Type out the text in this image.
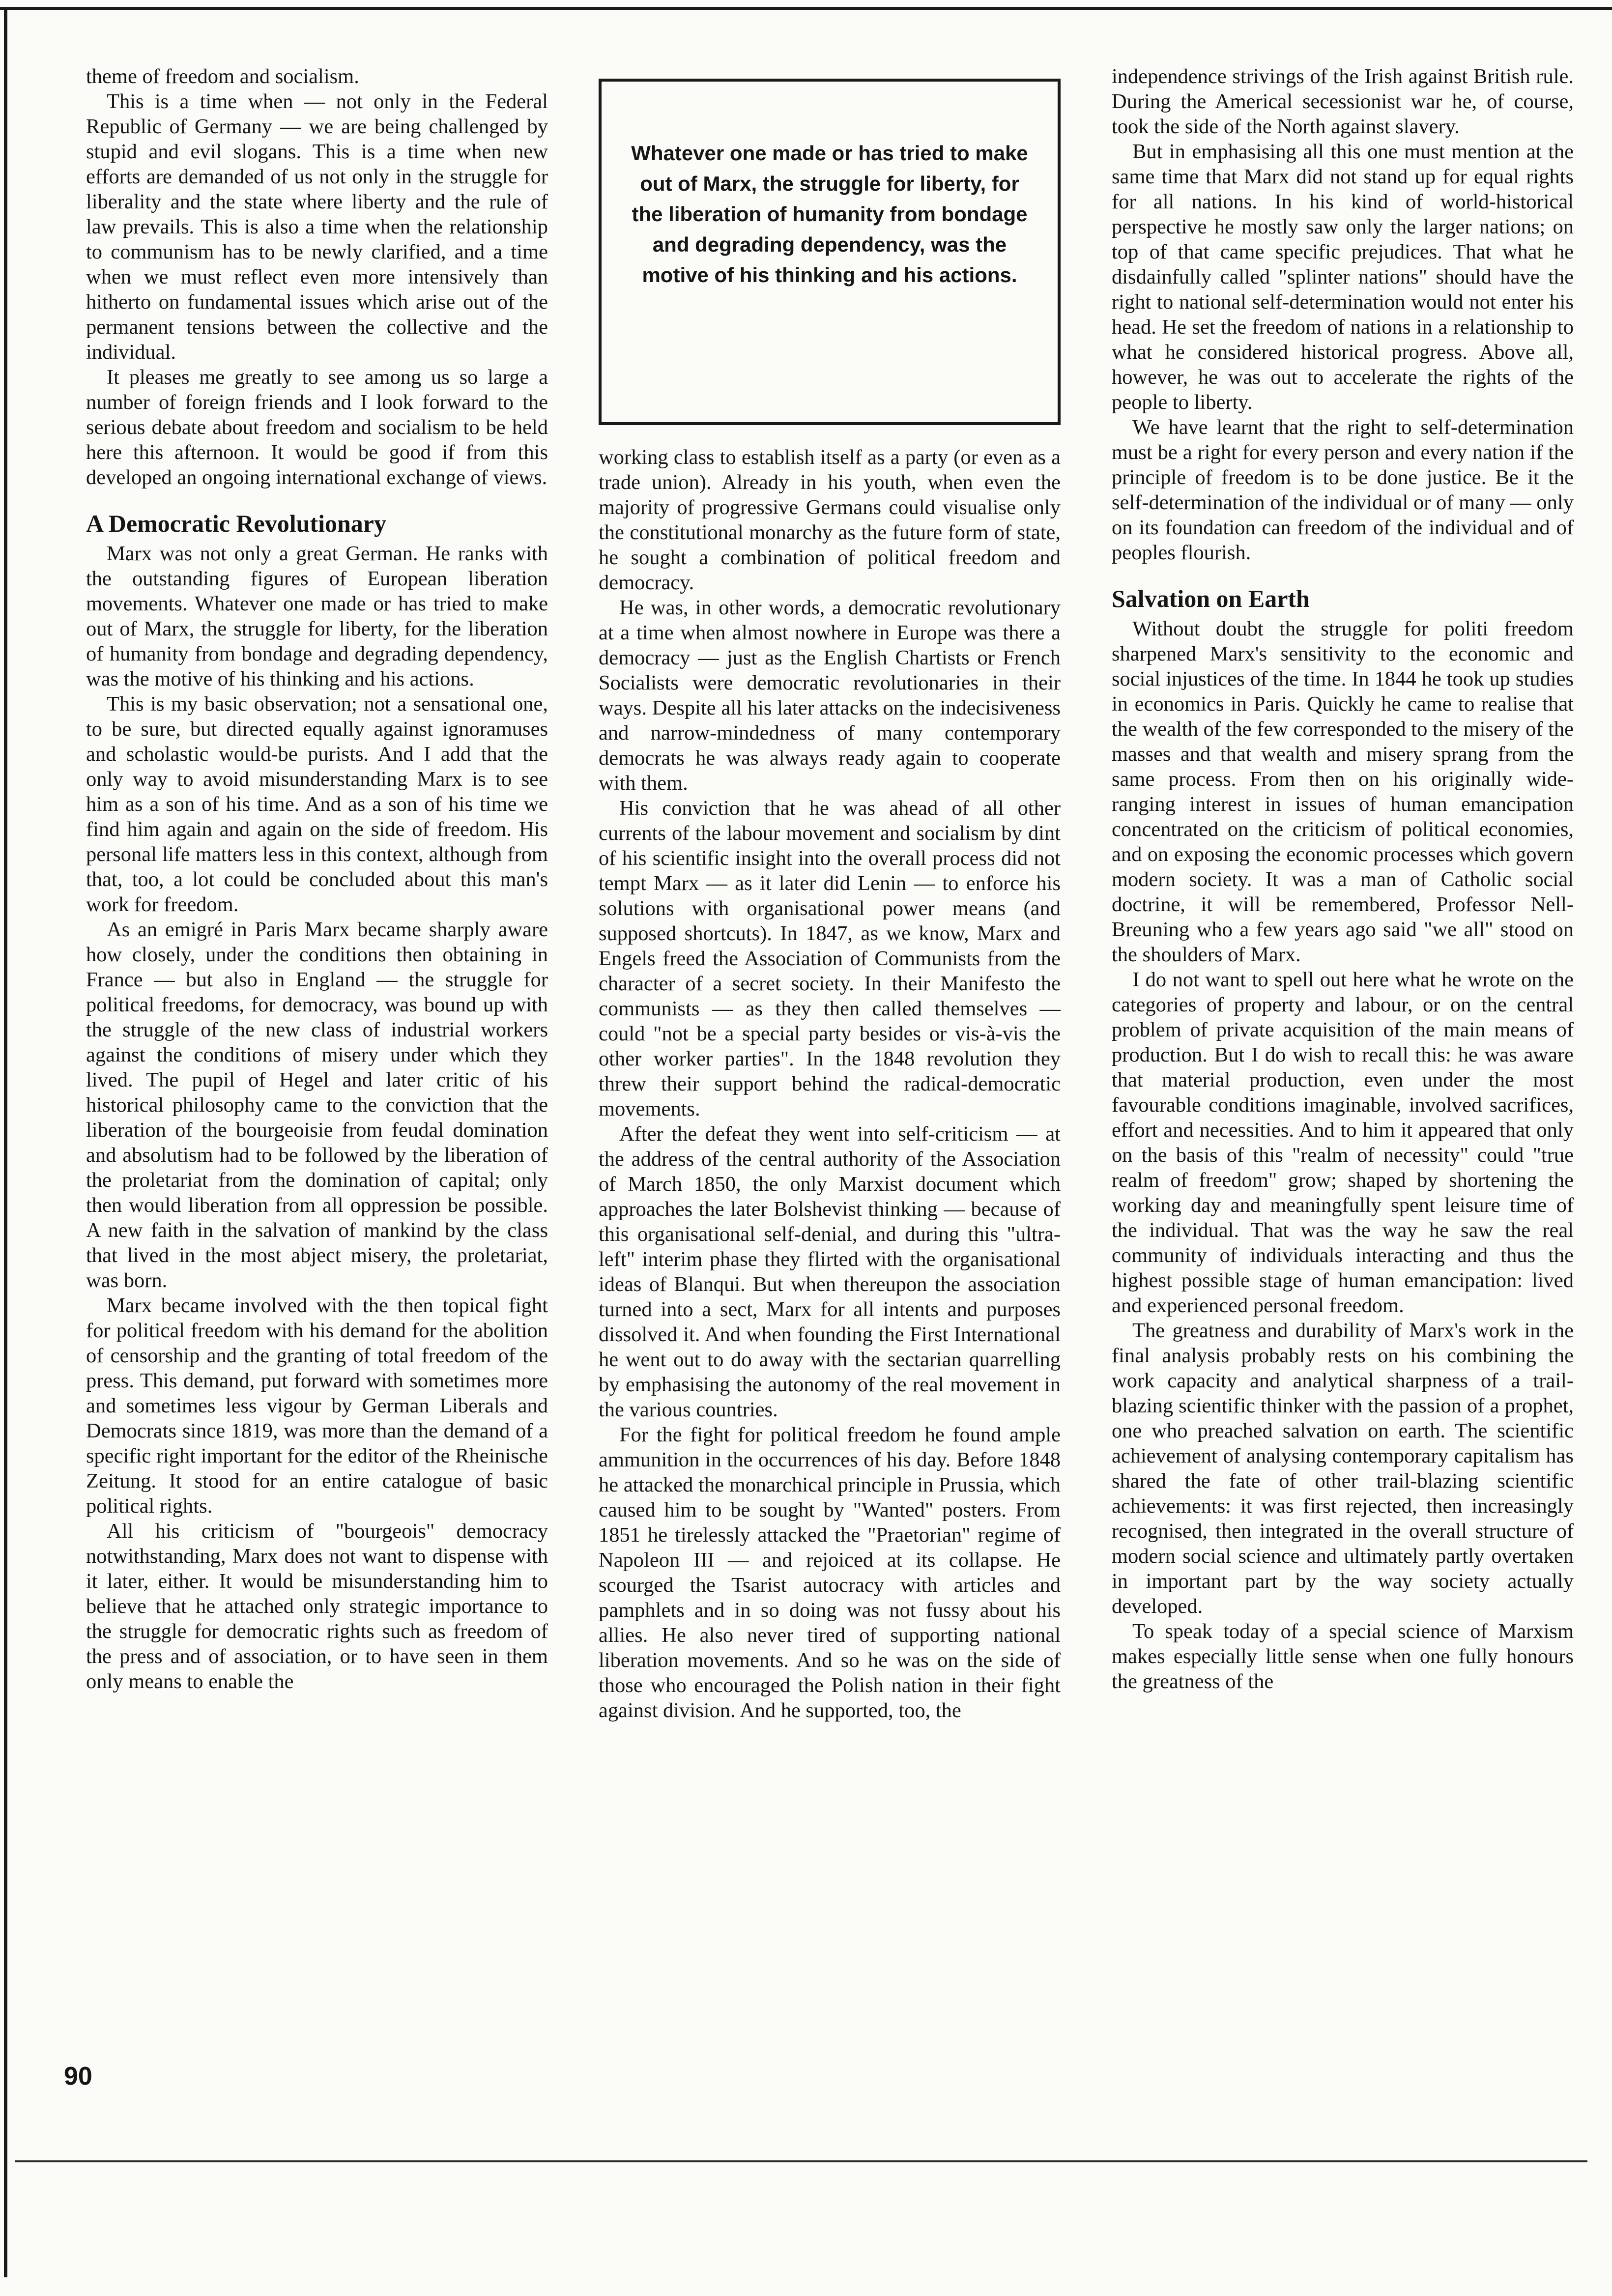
theme of freedom and socialism.

This is a time when — not only in the Federal Republic of Germany — we are being challenged by stupid and evil slogans. This is a time when new efforts are demanded of us not only in the struggle for liberality and the state where liberty and the rule of law prevails. This is also a time when the relationship to communism has to be newly clarified, and a time when we must reflect even more intensively than hitherto on fundamental issues which arise out of the permanent tensions between the collective and the individual.

It pleases me greatly to see among us so large a number of foreign friends and I look forward to the serious debate about freedom and socialism to be held here this afternoon. It would be good if from this developed an ongoing international exchange of views.

A Democratic Revolutionary

Marx was not only a great German. He ranks with the outstanding figures of European liberation movements. Whatever one made or has tried to make out of Marx, the struggle for liberty, for the liberation of humanity from bondage and degrading dependency, was the motive of his thinking and his actions.

This is my basic observation; not a sensational one, to be sure, but directed equally against ignoramuses and scholastic would-be purists. And I add that the only way to avoid misunderstanding Marx is to see him as a son of his time. And as a son of his time we find him again and again on the side of freedom. His personal life matters less in this context, although from that, too, a lot could be concluded about this man's work for freedom.

As an emigré in Paris Marx became sharply aware how closely, under the conditions then obtaining in France — but also in England — the struggle for political freedoms, for democracy, was bound up with the struggle of the new class of industrial workers against the conditions of misery under which they lived. The pupil of Hegel and later critic of his historical philosophy came to the conviction that the liberation of the bourgeoisie from feudal domination and absolutism had to be followed by the liberation of the proletariat from the domination of capital; only then would liberation from all oppression be possible. A new faith in the salvation of mankind by the class that lived in the most abject misery, the proletariat, was born.

Marx became involved with the then topical fight for political freedom with his demand for the abolition of censorship and the granting of total freedom of the press. This demand, put forward with sometimes more and sometimes less vigour by German Liberals and Democrats since 1819, was more than the demand of a specific right important for the editor of the Rheinische Zeitung. It stood for an entire catalogue of basic political rights.

All his criticism of "bourgeois" democracy notwithstanding, Marx does not want to dispense with it later, either. It would be misunderstanding him to believe that he attached only strategic importance to the struggle for democratic rights such as freedom of the press and of association, or to have seen in them only means to enable the

Whatever one made or has tried to make out of Marx, the struggle for liberty, for the liberation of humanity from bondage and degrading dependency, was the motive of his thinking and his actions.

working class to establish itself as a party (or even as a trade union). Already in his youth, when even the majority of progressive Germans could visualise only the constitutional monarchy as the future form of state, he sought a combination of political freedom and democracy.

He was, in other words, a democratic revolutionary at a time when almost nowhere in Europe was there a democracy — just as the English Chartists or French Socialists were democratic revolutionaries in their ways. Despite all his later attacks on the indecisiveness and narrow-mindedness of many contemporary democrats he was always ready again to cooperate with them.

His conviction that he was ahead of all other currents of the labour movement and socialism by dint of his scientific insight into the overall process did not tempt Marx — as it later did Lenin — to enforce his solutions with organisational power means (and supposed shortcuts). In 1847, as we know, Marx and Engels freed the Association of Communists from the character of a secret society. In their Manifesto the communists — as they then called themselves — could "not be a special party besides or vis-à-vis the other worker parties". In the 1848 revolution they threw their support behind the radical-democratic movements.

After the defeat they went into self-criticism — at the address of the central authority of the Association of March 1850, the only Marxist document which approaches the later Bolshevist thinking — because of this organisational self-denial, and during this "ultra-left" interim phase they flirted with the organisational ideas of Blanqui. But when thereupon the association turned into a sect, Marx for all intents and purposes dissolved it. And when founding the First International he went out to do away with the sectarian quarrelling by emphasising the autonomy of the real movement in the various countries.

For the fight for political freedom he found ample ammunition in the occurrences of his day. Before 1848 he attacked the monarchical principle in Prussia, which caused him to be sought by "Wanted" posters. From 1851 he tirelessly attacked the "Praetorian" regime of Napoleon III — and rejoiced at its collapse. He scourged the Tsarist autocracy with articles and pamphlets and in so doing was not fussy about his allies. He also never tired of supporting national liberation movements. And so he was on the side of those who encouraged the Polish nation in their fight against division. And he supported, too, the

independence strivings of the Irish against British rule. During the Americal secessionist war he, of course, took the side of the North against slavery.

But in emphasising all this one must mention at the same time that Marx did not stand up for equal rights for all nations. In his kind of world-historical perspective he mostly saw only the larger nations; on top of that came specific prejudices. That what he disdainfully called "splinter nations" should have the right to national self-determination would not enter his head. He set the freedom of nations in a relationship to what he considered historical progress. Above all, however, he was out to accelerate the rights of the people to liberty.

We have learnt that the right to self-determination must be a right for every person and every nation if the principle of freedom is to be done justice. Be it the self-determination of the individual or of many — only on its foundation can freedom of the individual and of peoples flourish.

Salvation on Earth

Without doubt the struggle for politi freedom sharpened Marx's sensitivity to the economic and social injustices of the time. In 1844 he took up studies in economics in Paris. Quickly he came to realise that the wealth of the few corresponded to the misery of the masses and that wealth and misery sprang from the same process. From then on his originally wide-ranging interest in issues of human emancipation concentrated on the criticism of political economies, and on exposing the economic processes which govern modern society. It was a man of Catholic social doctrine, it will be remembered, Professor Nell-Breuning who a few years ago said "we all" stood on the shoulders of Marx.

I do not want to spell out here what he wrote on the categories of property and labour, or on the central problem of private acquisition of the main means of production. But I do wish to recall this: he was aware that material production, even under the most favourable conditions imaginable, involved sacrifices, effort and necessities. And to him it appeared that only on the basis of this "realm of necessity" could "true realm of freedom" grow; shaped by shortening the working day and meaningfully spent leisure time of the individual. That was the way he saw the real community of individuals interacting and thus the highest possible stage of human emancipation: lived and experienced personal freedom.

The greatness and durability of Marx's work in the final analysis probably rests on his combining the work capacity and analytical sharpness of a trail-blazing scientific thinker with the passion of a prophet, one who preached salvation on earth. The scientific achievement of analysing contemporary capitalism has shared the fate of other trail-blazing scientific achievements: it was first rejected, then increasingly recognised, then integrated in the overall structure of modern social science and ultimately partly overtaken in important part by the way society actually developed.

To speak today of a special science of Marxism makes especially little sense when one fully honours the greatness of the

90
